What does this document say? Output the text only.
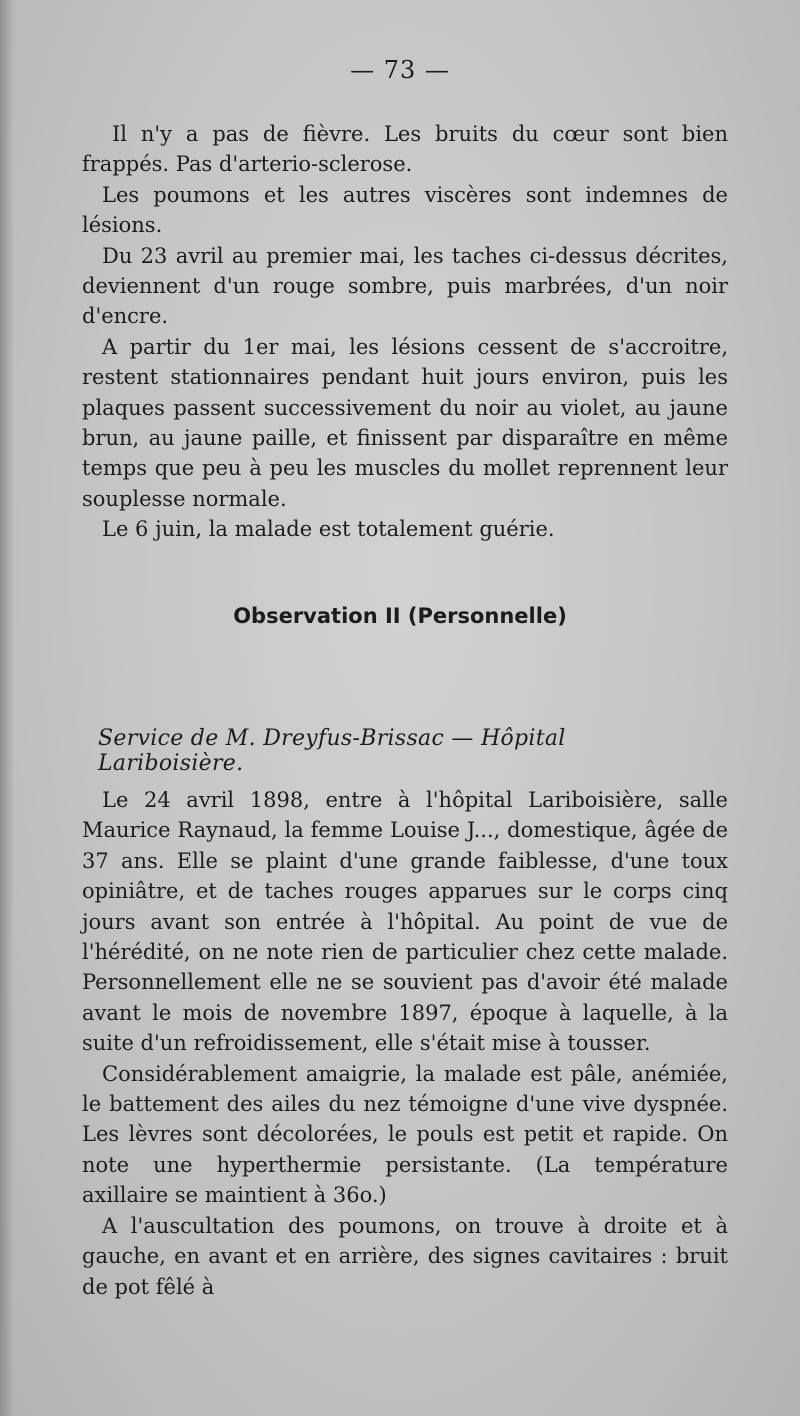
— 73 —

Il n'y a pas de fièvre. Les bruits du cœur sont bien frappés. Pas d'arterio-sclerose.

Les poumons et les autres viscères sont indemnes de lésions.

Du 23 avril au premier mai, les taches ci-dessus décrites, deviennent d'un rouge sombre, puis marbrées, d'un noir d'encre.

A partir du 1er mai, les lésions cessent de s'accroitre, restent stationnaires pendant huit jours environ, puis les plaques passent successivement du noir au violet, au jaune brun, au jaune paille, et finissent par disparaître en même temps que peu à peu les muscles du mollet reprennent leur souplesse normale.

Le 6 juin, la malade est totalement guérie.

Observation II (Personnelle)
Service de M. Dreyfus-Brissac — Hôpital Lariboisière.

Le 24 avril 1898, entre à l'hôpital Lariboisière, salle Maurice Raynaud, la femme Louise J..., domestique, âgée de 37 ans. Elle se plaint d'une grande faiblesse, d'une toux opiniâtre, et de taches rouges apparues sur le corps cinq jours avant son entrée à l'hôpital. Au point de vue de l'hérédité, on ne note rien de particulier chez cette malade. Personnellement elle ne se souvient pas d'avoir été malade avant le mois de novembre 1897, époque à laquelle, à la suite d'un refroidissement, elle s'était mise à tousser.

Considérablement amaigrie, la malade est pâle, anémiée, le battement des ailes du nez témoigne d'une vive dyspnée. Les lèvres sont décolorées, le pouls est petit et rapide. On note une hyperthermie persistante. (La température axillaire se maintient à 36o.)

A l'auscultation des poumons, on trouve à droite et à gauche, en avant et en arrière, des signes cavitaires : bruit de pot fêlé à
